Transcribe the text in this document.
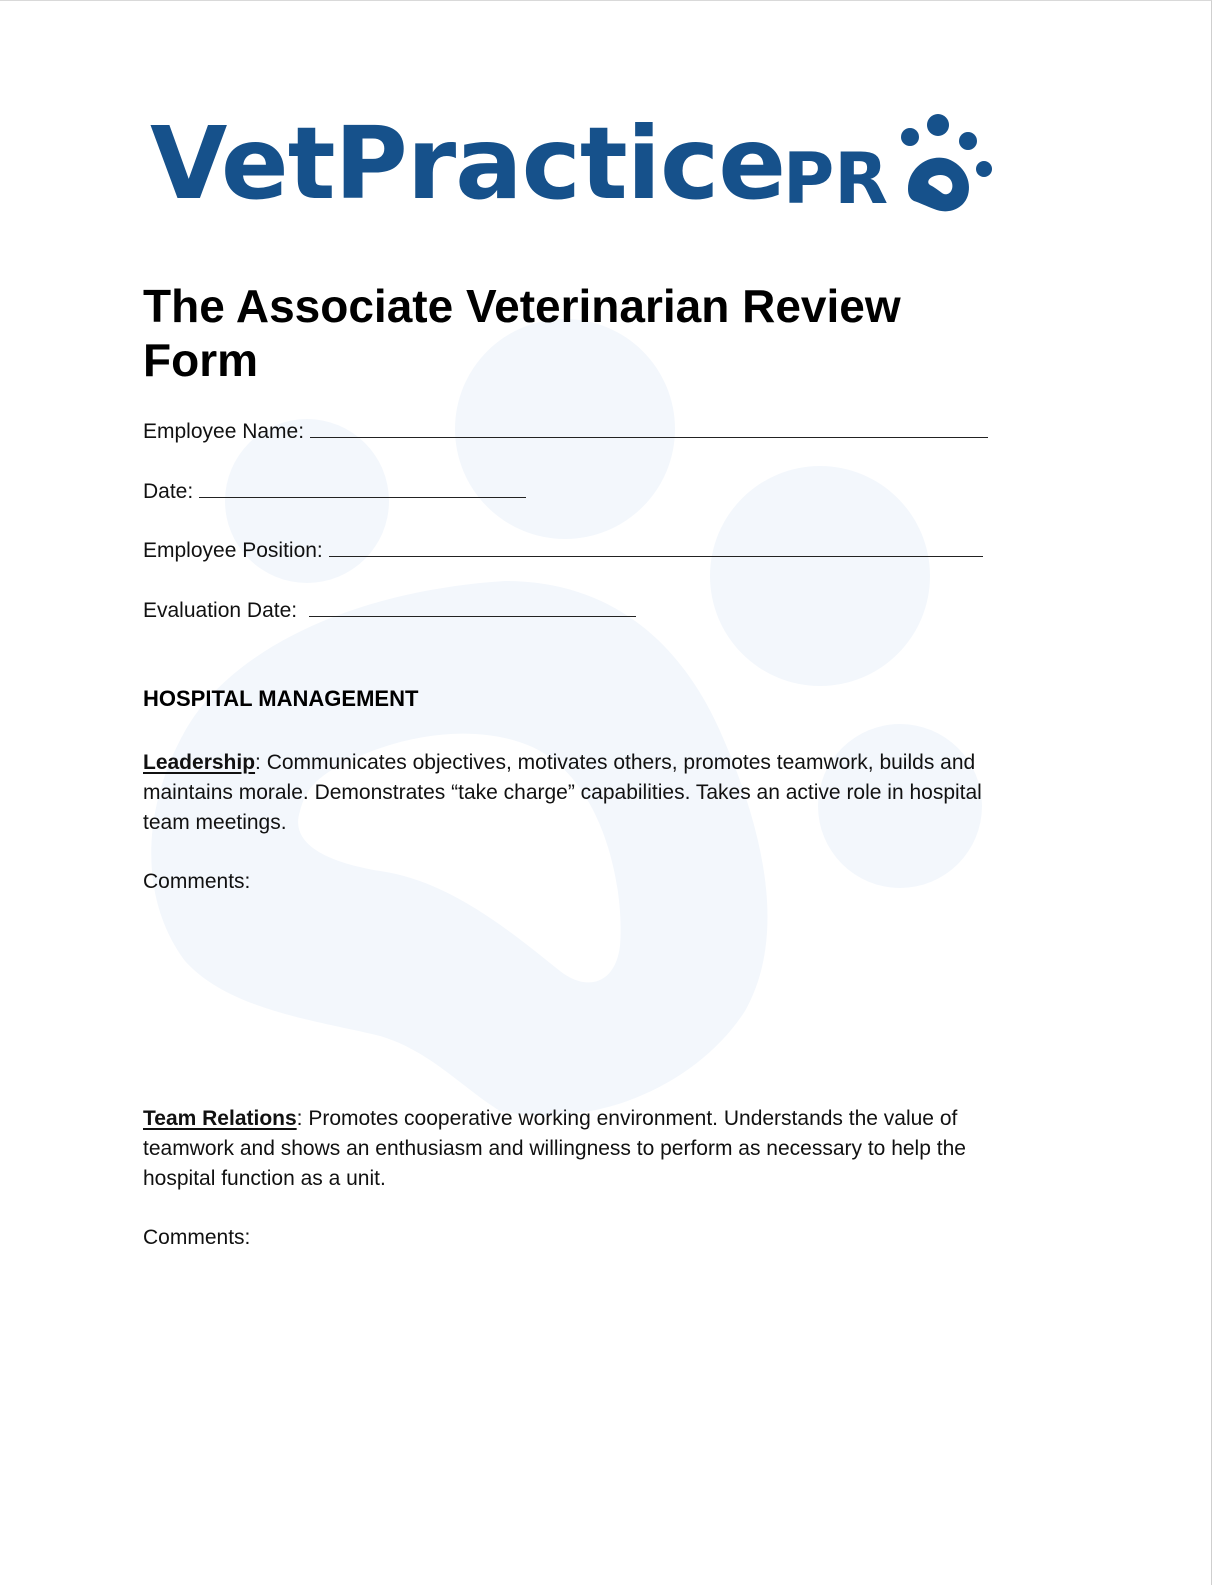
VetPractice
PR
The Associate Veterinarian Review Form
Employee Name:
Date:
Employee Position:
Evaluation Date:
HOSPITAL MANAGEMENT

Leadership: Communicates objectives, motivates others, promotes teamwork, builds and maintains morale. Demonstrates “take charge” capabilities. Takes an active role in hospital team meetings.

Comments:

Team Relations: Promotes cooperative working environment. Understands the value of teamwork and shows an enthusiasm and willingness to perform as necessary to help the hospital function as a unit.

Comments:
